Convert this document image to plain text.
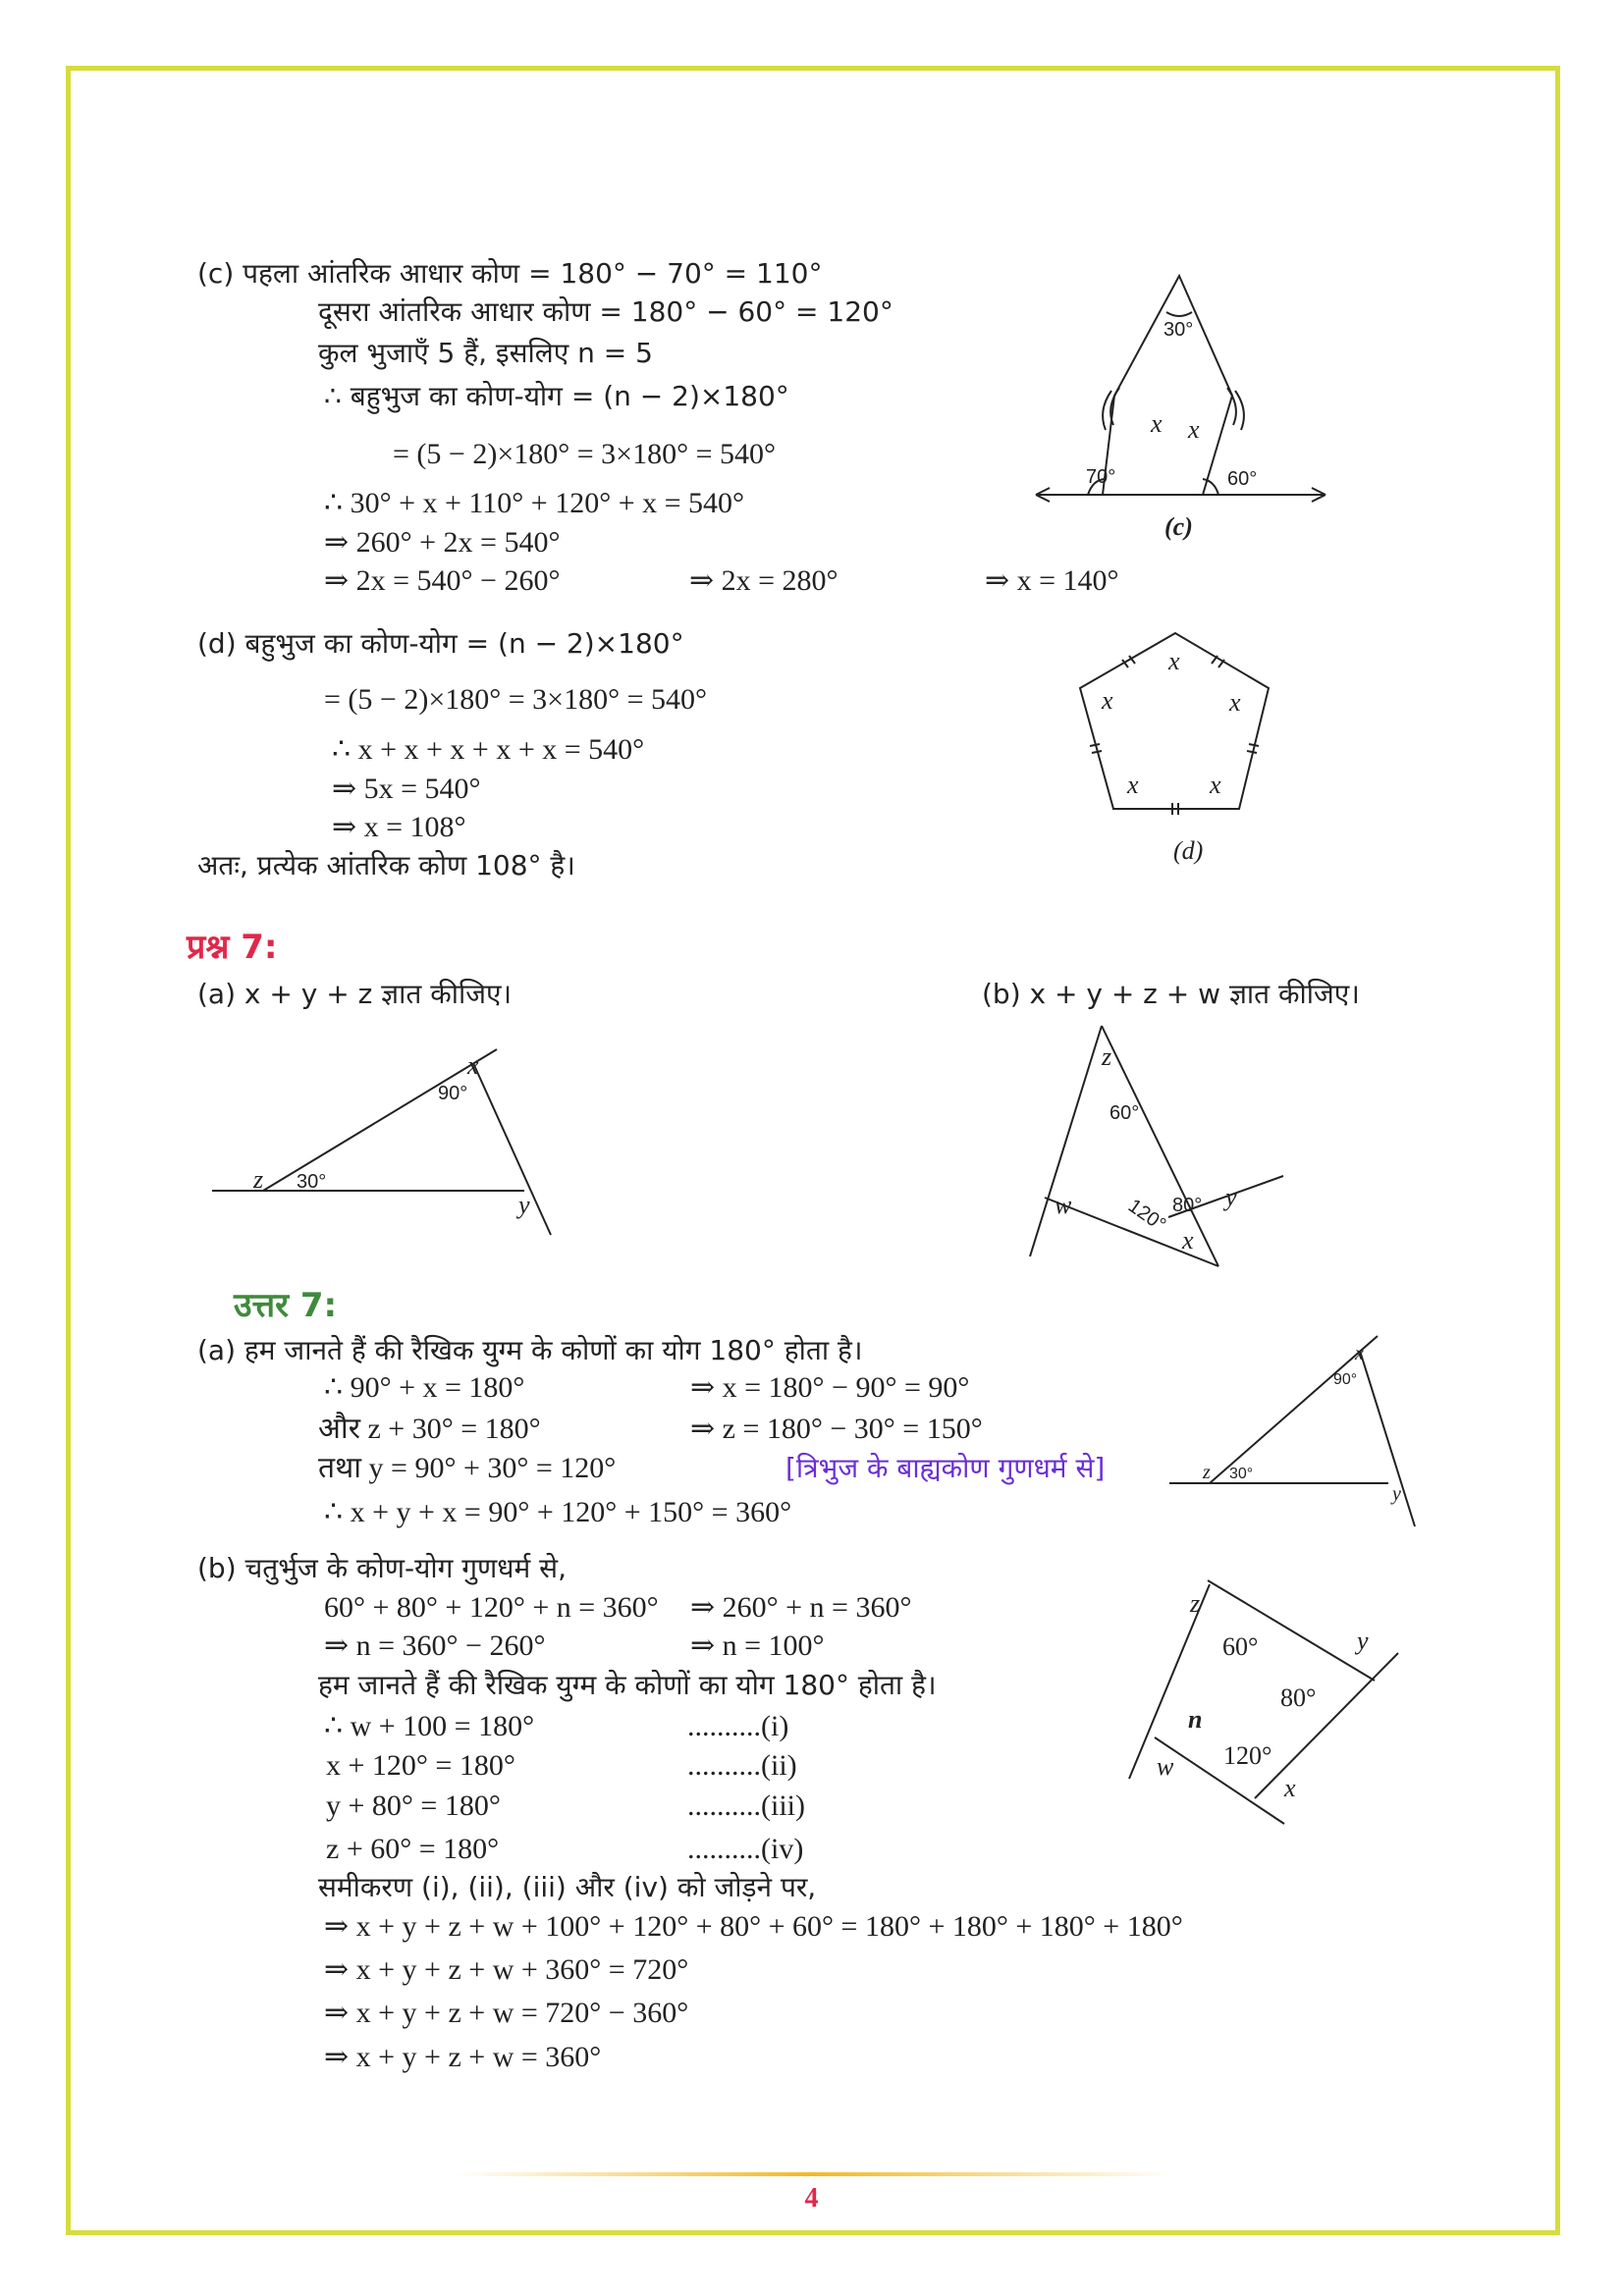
(c) पहला आंतरिक आधार कोण = 180° − 70° = 110°
दूसरा आंतरिक आधार कोण = 180° − 60° = 120°
कुल भुजाएँ 5 हैं, इसलिए n = 5
∴ बहुभुज का कोण-योग = (n − 2)×180°
= (5 − 2)×180° = 3×180° = 540°
∴ 30° + x + 110° + 120° + x = 540°
⇒ 260° + 2x = 540°
⇒ 2x = 540° − 260°	⇒ 2x = 280°	⇒ x = 140°
(d) बहुभुज का कोण-योग = (n − 2)×180°
= (5 − 2)×180° = 3×180° = 540°
∴ x + x + x + x + x = 540°
⇒ 5x = 540°
⇒ x = 108°
अतः, प्रत्येक आंतरिक कोण 108° है।
प्रश्न 7:
(a) x + y + z ज्ञात कीजिए।	(b) x + y + z + w ज्ञात कीजिए।
उत्तर 7:
(a) हम जानते हैं की रैखिक युग्म के कोणों का योग 180° होता है।
∴ 90° + x = 180°	⇒ x = 180° − 90° = 90°
और z + 30° = 180°	⇒ z = 180° − 30° = 150°
तथा y = 90° + 30° = 120°	[त्रिभुज के बाह्यकोण गुणधर्म से]
∴ x + y + x = 90° + 120° + 150° = 360°
(b) चतुर्भुज के कोण-योग गुणधर्म से,
60° + 80° + 120° + n = 360° ⇒ 260° + n = 360°
⇒ n = 360° − 260°	⇒ n = 100°
हम जानते हैं की रैखिक युग्म के कोणों का योग 180° होता है।
∴ w + 100 = 180°	..........(i)
x + 120° = 180°	..........(ii)
y + 80° = 180°	..........(iii)
z + 60° = 180°	..........(iv)
समीकरण (i), (ii), (iii) और (iv) को जोड़ने पर,
⇒ x + y + z + w + 100° + 120° + 80° + 60° = 180° + 180° + 180° + 180°
⇒ x + y + z + w + 360° = 720°
⇒ x + y + z + w = 720° − 360°
⇒ x + y + z + w = 360°
30°
x x
70°	60°
(c)
x
x	x
x	x
(d)
90°
30°
z
x
y
60°
80°
120°
z
y
w
x
90°
30°
z
x
y
z
60°	y
80°
n
120°
w
x
4
